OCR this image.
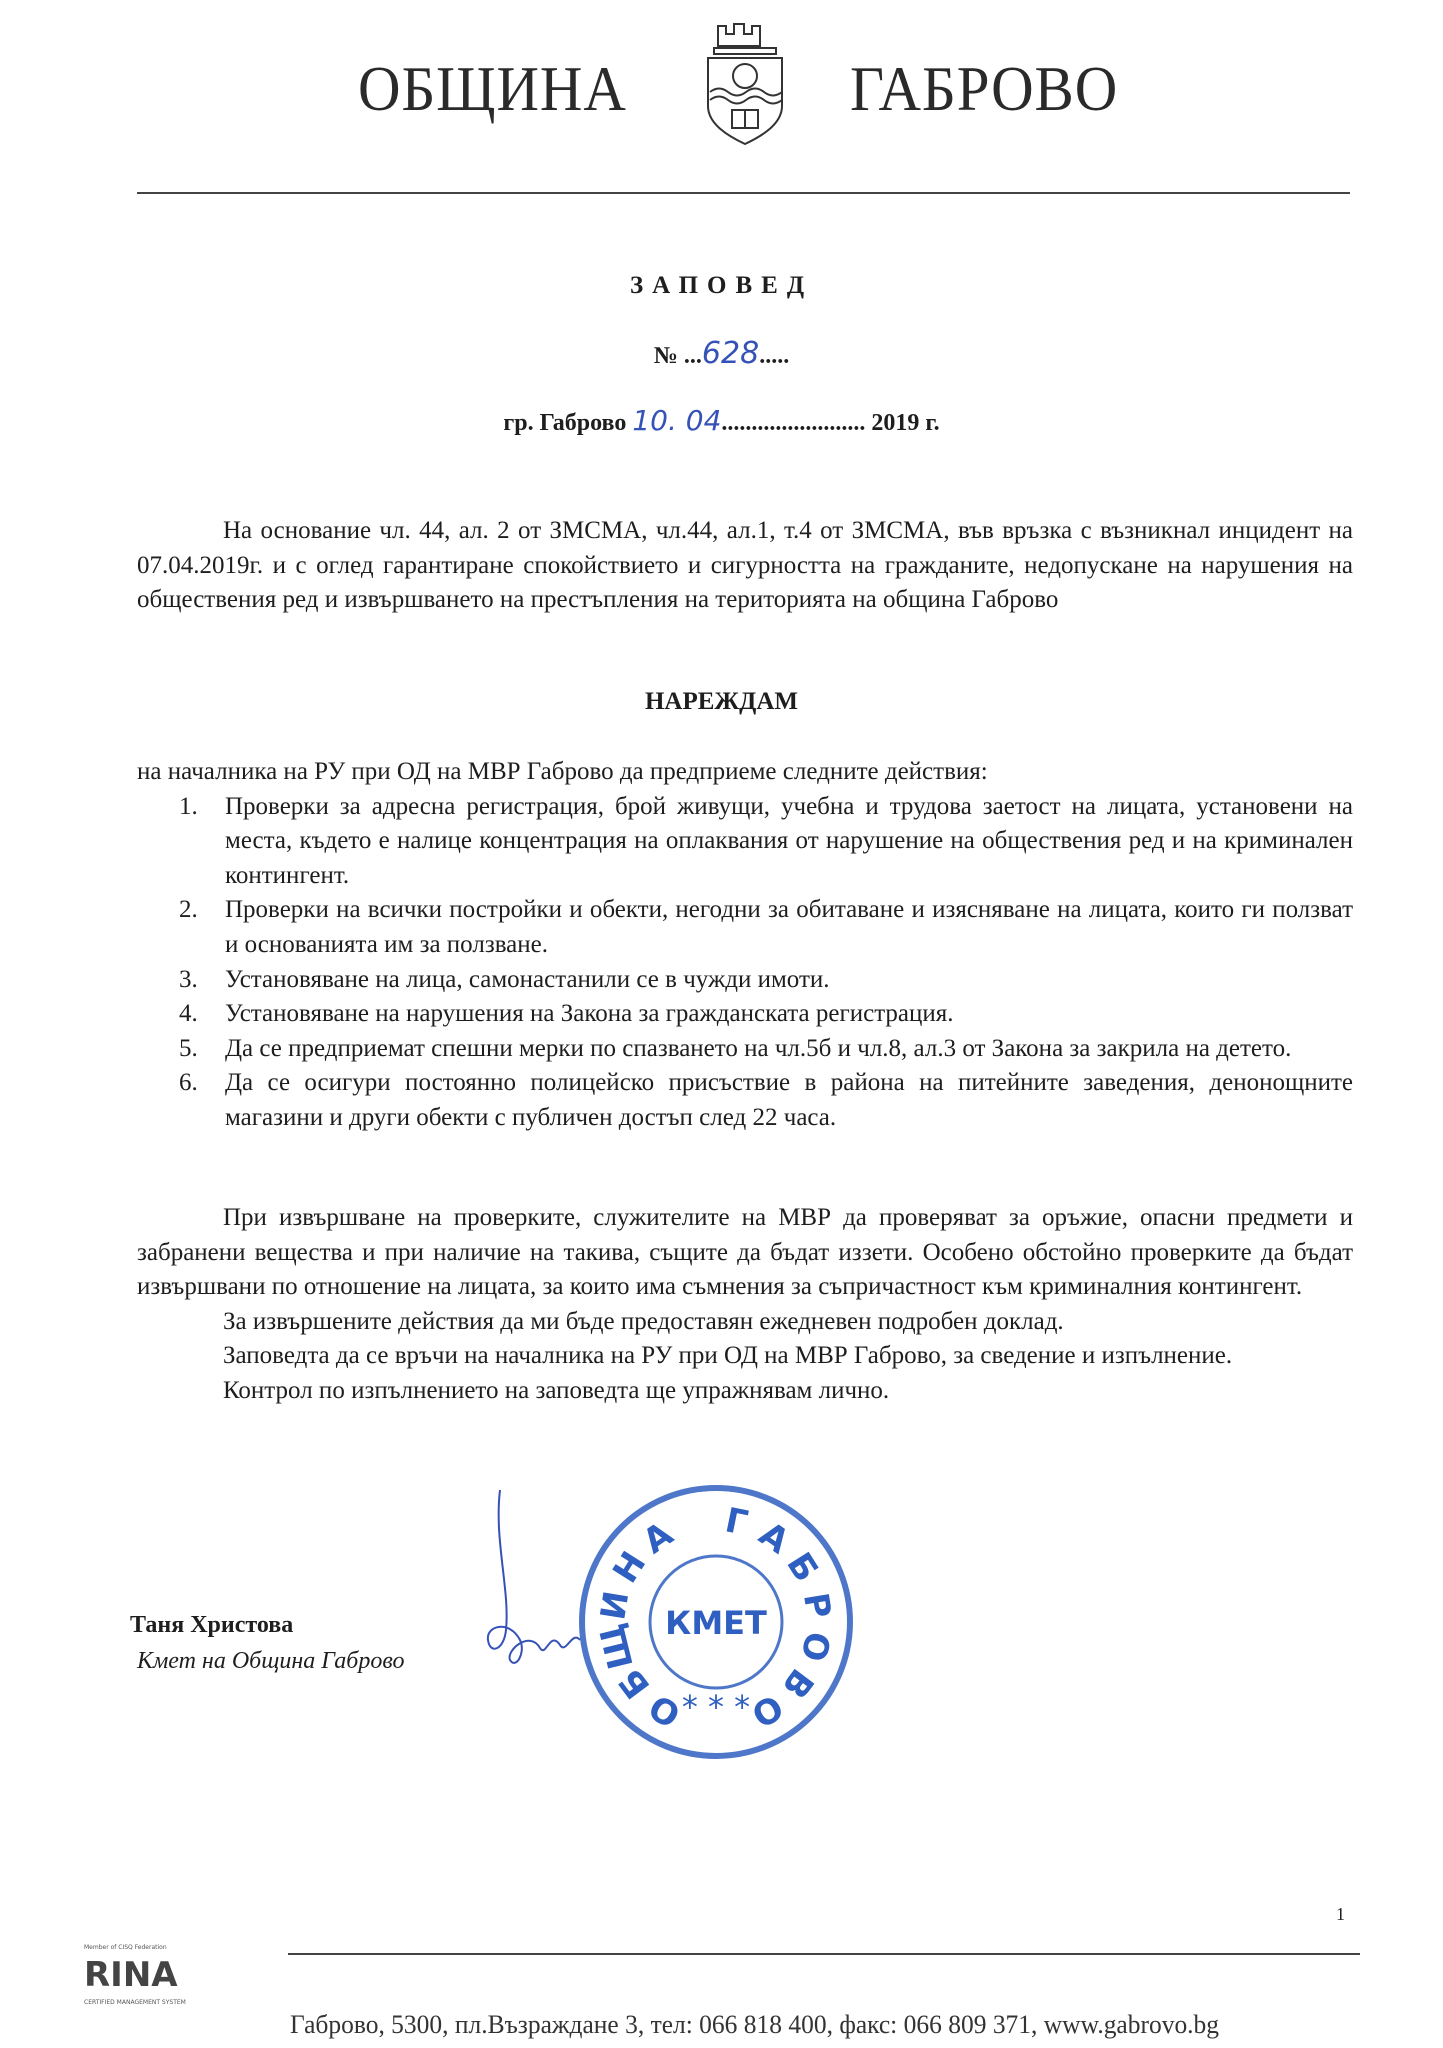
ОБЩИНА	ГАБРОВО
ЗАПОВЕД
№ ...628.....
гр. Габрово 10. 04........................ 2019 г.
На основание чл. 44, ал. 2 от ЗМСМА, чл.44, ал.1, т.4 от ЗМСМА, във връзка с възникнал инцидент на 07.04.2019г. и с оглед гарантиране спокойствието и сигурността на гражданите, недопускане на нарушения на обществения ред и извършването на престъпления на територията на община Габрово
НАРЕЖДАМ
на началника на РУ при ОД на МВР Габрово да предприеме следните действия:
1.	Проверки за адресна регистрация, брой живущи, учебна и трудова заетост на лицата, установени на места, където е налице концентрация на оплаквания от нарушение на обществения ред и на криминален контингент.
2.	Проверки на всички постройки и обекти, негодни за обитаване и изясняване на лицата, които ги ползват и основанията им за ползване.
3.	Установяване на лица, самонастанили се в чужди имоти.
4.	Установяване на нарушения на Закона за гражданската регистрация.
5.	Да се предприемат спешни мерки по спазването на чл.5б и чл.8, ал.3 от Закона за закрила на детето.
6.	Да се осигури постоянно полицейско присъствие в района на питейните заведения, денонощните магазини и други обекти с публичен достъп след 22 часа.
При извършване на проверките, служителите на МВР да проверяват за оръжие, опасни предмети и забранени вещества и при наличие на такива, същите да бъдат иззети. Особено обстойно проверките да бъдат извършвани по отношение на лицата, за които има съмнения за съпричастност към криминалния контингент.
За извършените действия да ми бъде предоставян ежедневен подробен доклад.
Заповедта да се връчи на началника на РУ при ОД на МВР Габрово, за сведение и изпълнение.
Контрол по изпълнението на заповедта ще упражнявам лично.
Таня Христова
Кмет на Община Габрово
О
Б
Щ
И
Н
А Г А
Б
Р
О
В
О
КМЕТ
* * *
1
Member of CISQ Federation
RINA
CERTIFIED MANAGEMENT SYSTEM
Габрово, 5300, пл.Възраждане 3, тел: 066 818 400, факс: 066 809 371, www.gabrovo.bg
